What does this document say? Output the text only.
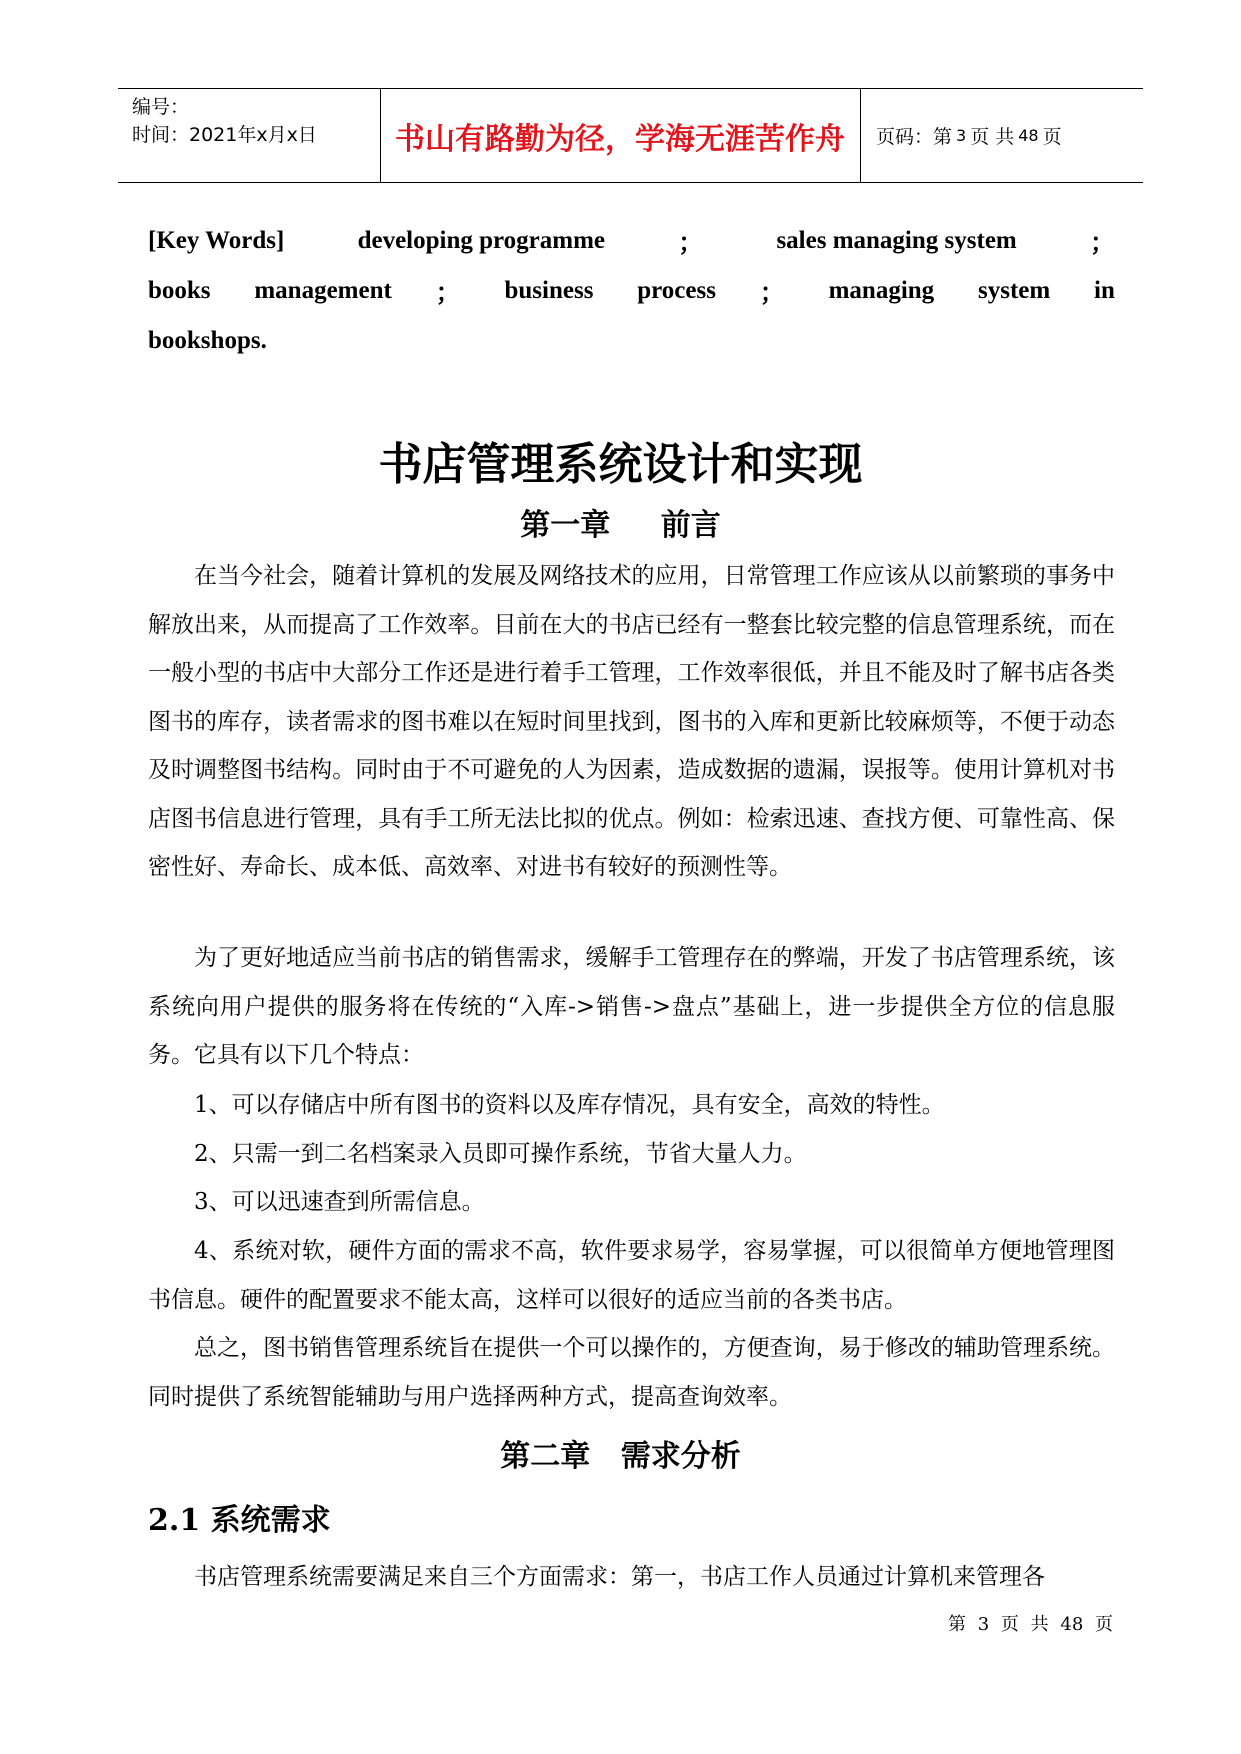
编号：
时间：2021年x月x日	书山有路勤为径，学海无涯苦作舟	页码：第 3 页 共 48 页
[Key Words]	developing programme	；	sales managing system	；
books management ； business process ； managing system in
bookshops.
书店管理系统设计和实现
第一章 前言
在当今社会，随着计算机的发展及网络技术的应用，日常管理工作应该从以前繁琐的事务中解放出来，从而提高了工作效率。目前在大的书店已经有一整套比较完整的信息管理系统，而在一般小型的书店中大部分工作还是进行着手工管理，工作效率很低，并且不能及时了解书店各类图书的库存，读者需求的图书难以在短时间里找到，图书的入库和更新比较麻烦等，不便于动态及时调整图书结构。同时由于不可避免的人为因素，造成数据的遗漏，误报等。使用计算机对书店图书信息进行管理，具有手工所无法比拟的优点。例如：检索迅速、查找方便、可靠性高、保密性好、寿命长、成本低、高效率、对进书有较好的预测性等。
为了更好地适应当前书店的销售需求，缓解手工管理存在的弊端，开发了书店管理系统，该系统向用户提供的服务将在传统的“入库->销售->盘点”基础上，进一步提供全方位的信息服务。它具有以下几个特点：
1、可以存储店中所有图书的资料以及库存情况，具有安全，高效的特性。
2、只需一到二名档案录入员即可操作系统，节省大量人力。
3、可以迅速查到所需信息。
4、系统对软，硬件方面的需求不高，软件要求易学，容易掌握，可以很简单方便地管理图书信息。硬件的配置要求不能太高，这样可以很好的适应当前的各类书店。
总之，图书销售管理系统旨在提供一个可以操作的，方便查询，易于修改的辅助管理系统。同时提供了系统智能辅助与用户选择两种方式，提高查询效率。
第二章 需求分析
2.1 系统需求
书店管理系统需要满足来自三个方面需求：第一，书店工作人员通过计算机来管理各
第 3 页 共 48 页
